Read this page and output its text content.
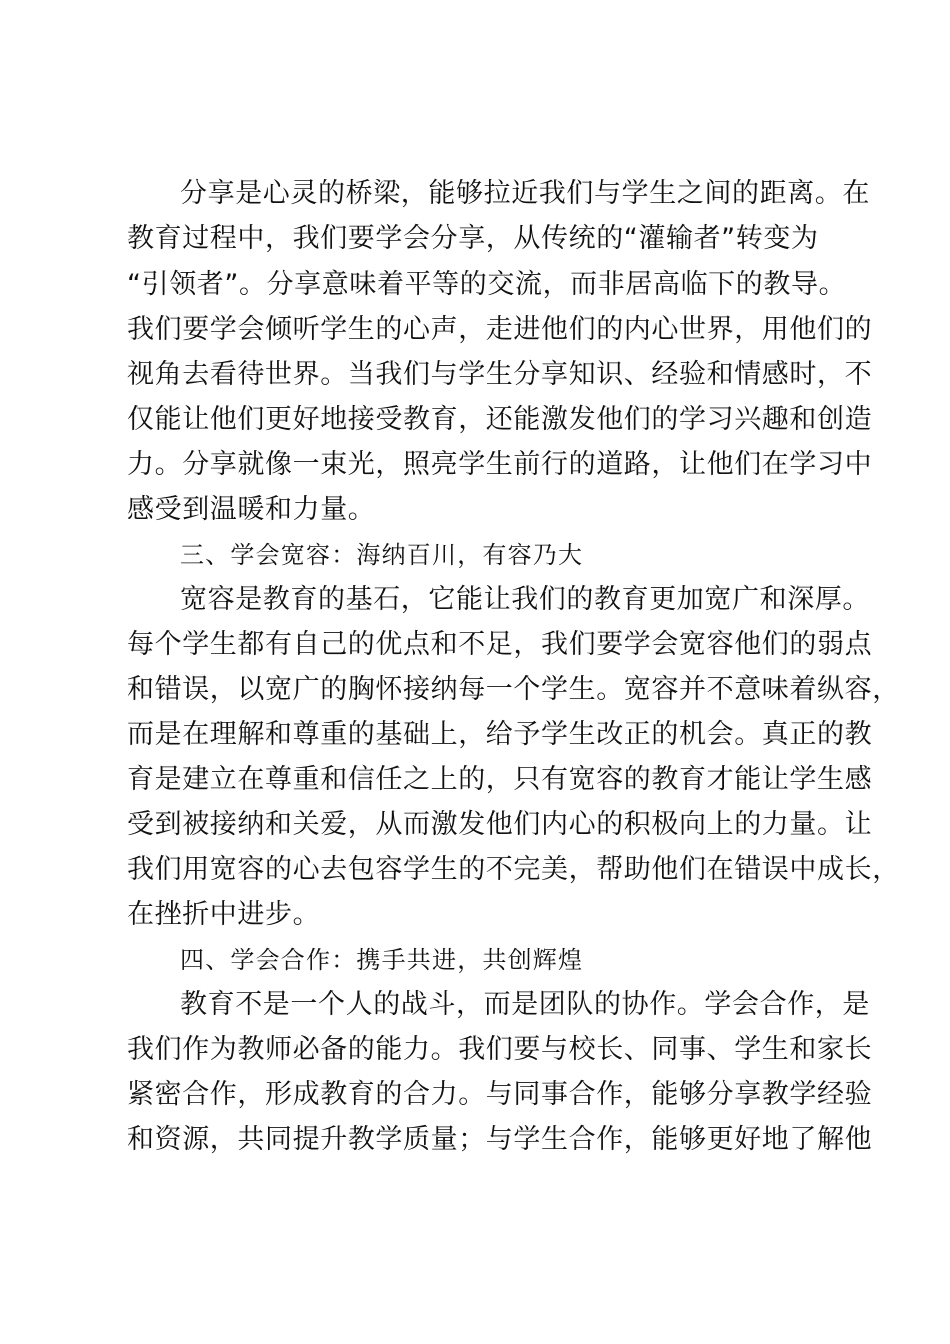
分享是心灵的桥梁，能够拉近我们与学生之间的距离。在
教育过程中，我们要学会分享，从传统的“灌输者”转变为
“引领者”。分享意味着平等的交流，而非居高临下的教导。
我们要学会倾听学生的心声，走进他们的内心世界，用他们的
视角去看待世界。当我们与学生分享知识、经验和情感时，不
仅能让他们更好地接受教育，还能激发他们的学习兴趣和创造
力。分享就像一束光，照亮学生前行的道路，让他们在学习中
感受到温暖和力量。
三、学会宽容：海纳百川，有容乃大
宽容是教育的基石，它能让我们的教育更加宽广和深厚。
每个学生都有自己的优点和不足，我们要学会宽容他们的弱点
和错误，以宽广的胸怀接纳每一个学生。宽容并不意味着纵容，
而是在理解和尊重的基础上，给予学生改正的机会。真正的教
育是建立在尊重和信任之上的，只有宽容的教育才能让学生感
受到被接纳和关爱，从而激发他们内心的积极向上的力量。让
我们用宽容的心去包容学生的不完美，帮助他们在错误中成长，
在挫折中进步。
四、学会合作：携手共进，共创辉煌
教育不是一个人的战斗，而是团队的协作。学会合作，是
我们作为教师必备的能力。我们要与校长、同事、学生和家长
紧密合作，形成教育的合力。与同事合作，能够分享教学经验
和资源，共同提升教学质量；与学生合作，能够更好地了解他
